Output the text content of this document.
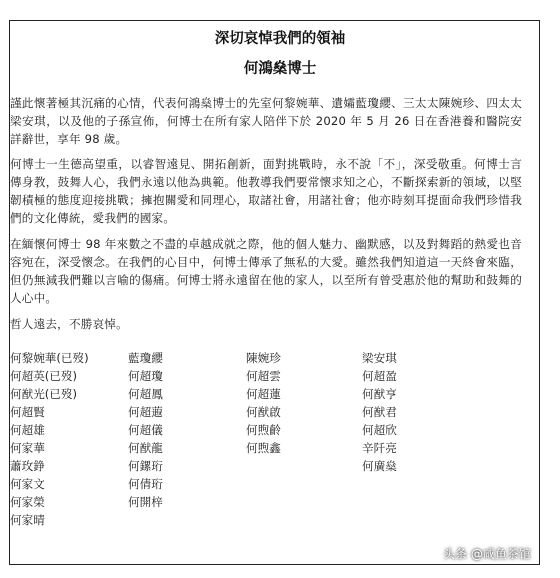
深切哀悼我們的領袖
何鴻燊博士
謹此懷著極其沉痛的心情，代表何鴻燊博士的先室何黎婉華、遺孀藍瓊纓、三太太陳婉珍、四太太梁安琪，以及他的子孫宣佈，何博士在所有家人陪伴下於 2020 年 5 月 26 日在香港養和醫院安詳辭世，享年 98 歲。
何博士一生德高望重，以睿智遠見、開拓創新，面對挑戰時，永不說「不」，深受敬重。何博士言傳身教，鼓舞人心，我們永遠以他為典範。他教導我們要常懷求知之心，不斷探索新的領域，以堅韌積極的態度迎接挑戰；擁抱關愛和同理心，取諸社會，用諸社會；他亦時刻耳提面命我們珍惜我們的文化傳統，愛我們的國家。
在緬懷何博士 98 年來數之不盡的卓越成就之際，他的個人魅力、幽默感，以及對舞蹈的熱愛也音容宛在，深受懷念。在我們的心目中，何博士傳承了無私的大愛。雖然我們知道這一天終會來臨，但仍無減我們難以言喻的傷痛。何博士將永遠留在他的家人，以至所有曾受惠於他的幫助和鼓舞的人心中。
哲人遠去，不勝哀悼。
何黎婉華(已歿)
何超英(已歿)
何猷光(已歿)
何超賢
何超雄
何家華
蕭玫錚
何家文
何家榮
何家晴
藍瓊纓
何超瓊
何超鳳
何超蕸
何超儀
何猷龍
何鏍珩
何倩珩
何開梓
陳婉珍
何超雲
何超蓮
何猷啟
何煦齡
何煦鑫
梁安琪
何超盈
何猷亨
何猷君
何超欣
辛阡亮
何廣燊
头条 @咸鱼茶馆
